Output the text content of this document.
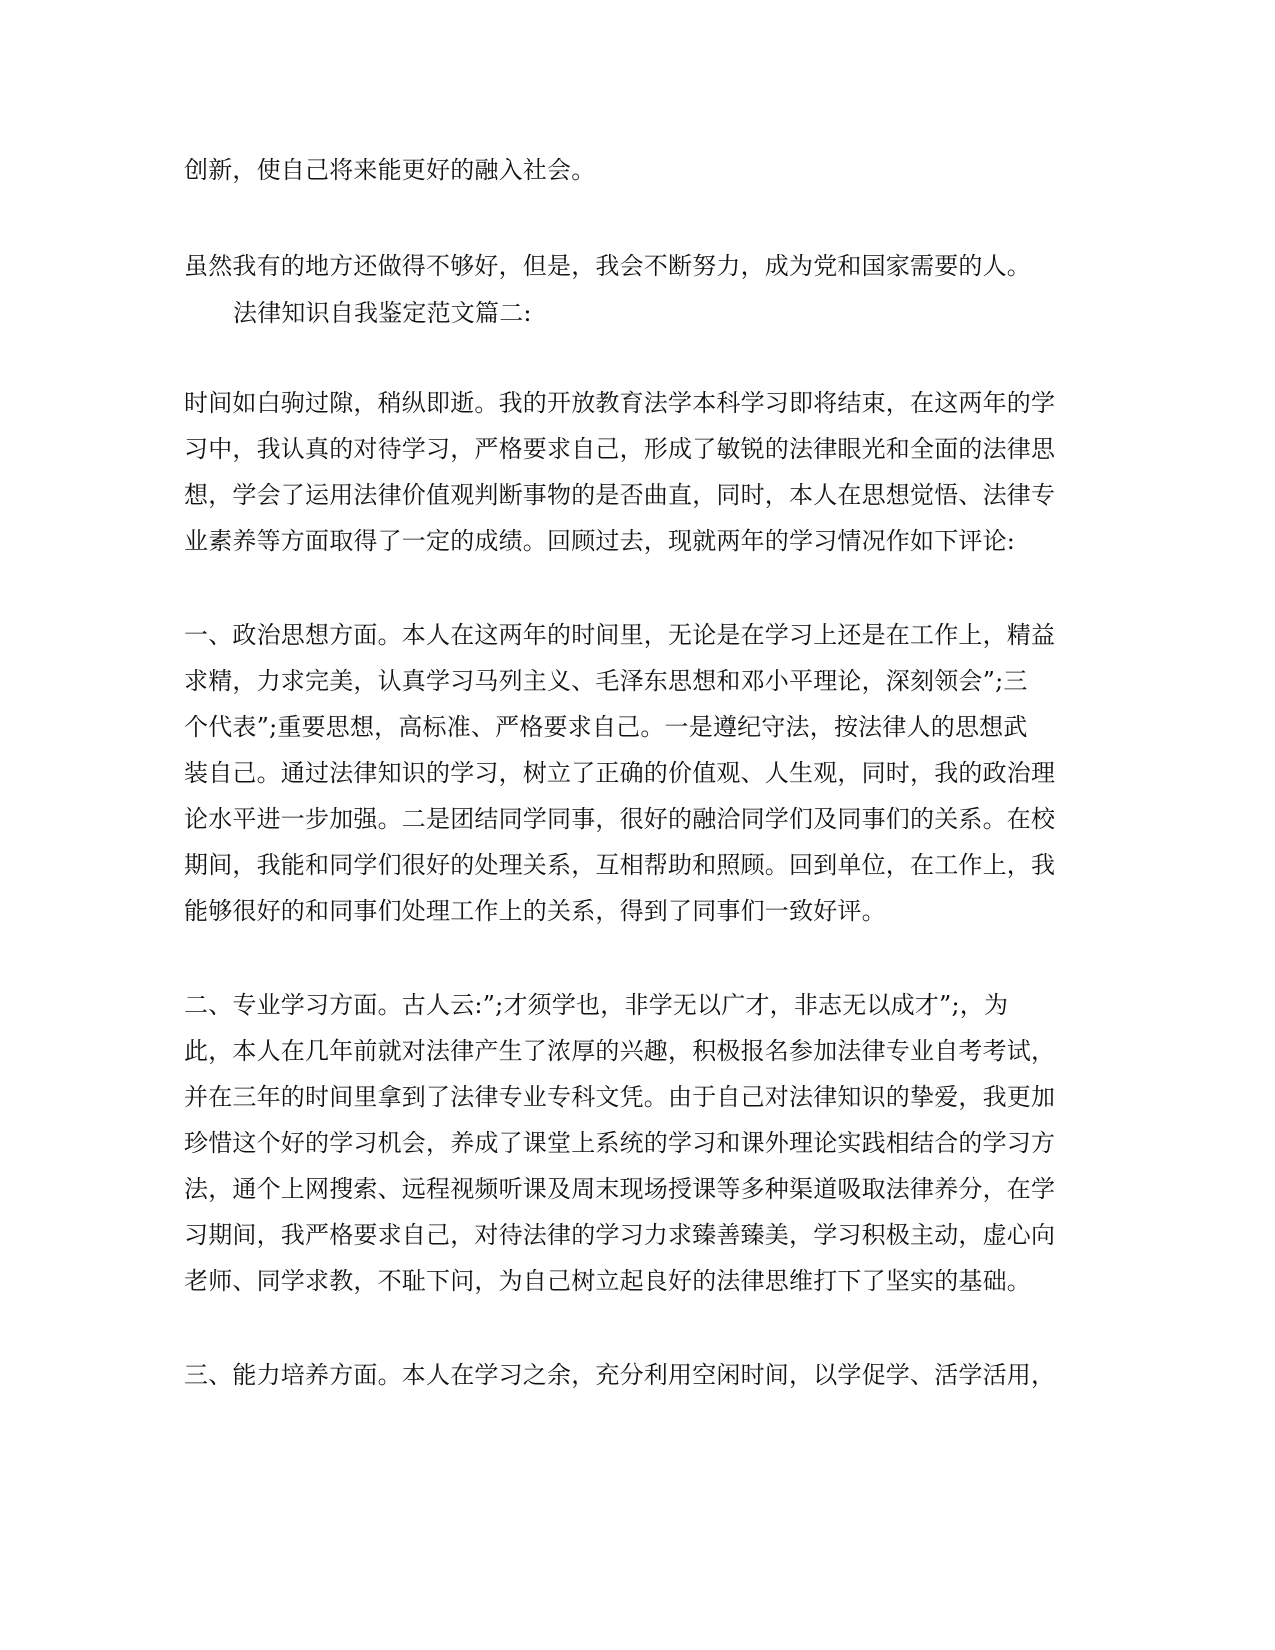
创新，使自己将来能更好的融入社会。
虽然我有的地方还做得不够好，但是，我会不断努力，成为党和国家需要的人。
法律知识自我鉴定范文篇二:
时间如白驹过隙，稍纵即逝。我的开放教育法学本科学习即将结束，在这两年的学
习中，我认真的对待学习，严格要求自己，形成了敏锐的法律眼光和全面的法律思
想，学会了运用法律价值观判断事物的是否曲直，同时，本人在思想觉悟、法律专
业素养等方面取得了一定的成绩。回顾过去，现就两年的学习情况作如下评论:
一、政治思想方面。本人在这两年的时间里，无论是在学习上还是在工作上，精益
求精，力求完美，认真学习马列主义、毛泽东思想和邓小平理论，深刻领会”;三
个代表”;重要思想，高标准、严格要求自己。一是遵纪守法，按法律人的思想武
装自己。通过法律知识的学习，树立了正确的价值观、人生观，同时，我的政治理
论水平进一步加强。二是团结同学同事，很好的融洽同学们及同事们的关系。在校
期间，我能和同学们很好的处理关系，互相帮助和照顾。回到单位，在工作上，我
能够很好的和同事们处理工作上的关系，得到了同事们一致好评。
二、专业学习方面。古人云:”;才须学也，非学无以广才，非志无以成才”;，为
此，本人在几年前就对法律产生了浓厚的兴趣，积极报名参加法律专业自考考试，
并在三年的时间里拿到了法律专业专科文凭。由于自己对法律知识的挚爱，我更加
珍惜这个好的学习机会，养成了课堂上系统的学习和课外理论实践相结合的学习方
法，通个上网搜索、远程视频听课及周末现场授课等多种渠道吸取法律养分，在学
习期间，我严格要求自己，对待法律的学习力求臻善臻美，学习积极主动，虚心向
老师、同学求教，不耻下问，为自己树立起良好的法律思维打下了坚实的基础。
三、能力培养方面。本人在学习之余，充分利用空闲时间，以学促学、活学活用，
